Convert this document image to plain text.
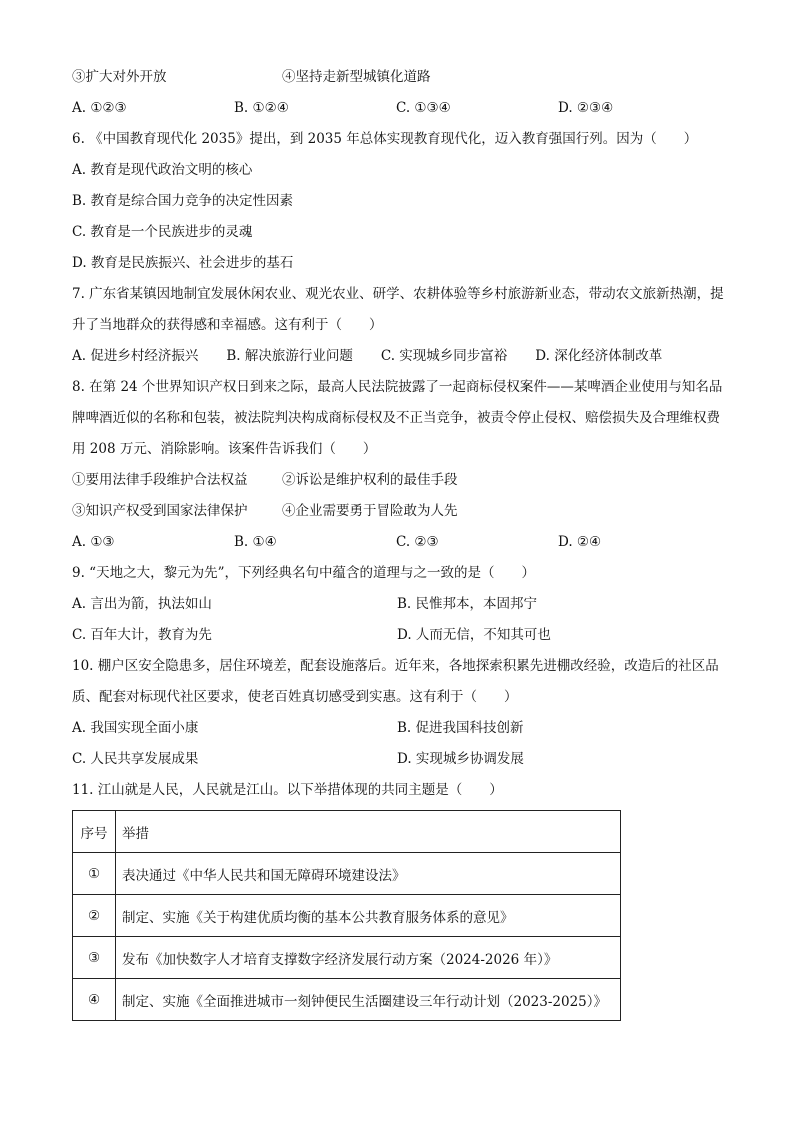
③扩大对外开放	④坚持走新型城镇化道路
A. ①②③	B. ①②④	C. ①③④	D. ②③④
6. 《中国教育现代化 2035》提出，到 2035 年总体实现教育现代化，迈入教育强国行列。因为（　　）
A. 教育是现代政治文明的核心
B. 教育是综合国力竞争的决定性因素
C. 教育是一个民族进步的灵魂
D. 教育是民族振兴、社会进步的基石
7. 广东省某镇因地制宜发展休闲农业、观光农业、研学、农耕体验等乡村旅游新业态，带动农文旅新热潮，提升了当地群众的获得感和幸福感。这有利于（　　）
A. 促进乡村经济振兴 B. 解决旅游行业问题 C. 实现城乡同步富裕 D. 深化经济体制改革
8. 在第 24 个世界知识产权日到来之际，最高人民法院披露了一起商标侵权案件——某啤酒企业使用与知名品牌啤酒近似的名称和包装，被法院判决构成商标侵权及不正当竞争，被责令停止侵权、赔偿损失及合理维权费用 208 万元、消除影响。该案件告诉我们（　　）
①要用法律手段维护合法权益	②诉讼是维护权利的最佳手段
③知识产权受到国家法律保护	④企业需要勇于冒险敢为人先
A. ①③	B. ①④	C. ②③	D. ②④
9. “天地之大，黎元为先”，下列经典名句中蕴含的道理与之一致的是（　　）
A. 言出为箭，执法如山	B. 民惟邦本，本固邦宁
C. 百年大计，教育为先	D. 人而无信，不知其可也
10. 棚户区安全隐患多，居住环境差，配套设施落后。近年来，各地探索积累先进棚改经验，改造后的社区品质、配套对标现代社区要求，使老百姓真切感受到实惠。这有利于（　　）
A. 我国实现全面小康	B. 促进我国科技创新
C. 人民共享发展成果	D. 实现城乡协调发展
11. 江山就是人民，人民就是江山。以下举措体现的共同主题是（　　）
序号	举措
①	表决通过《中华人民共和国无障碍环境建设法》
②	制定、实施《关于构建优质均衡的基本公共教育服务体系的意见》
③	发布《加快数字人才培育支撑数字经济发展行动方案（2024-2026 年）》
④	制定、实施《全面推进城市一刻钟便民生活圈建设三年行动计划（2023-2025）》
